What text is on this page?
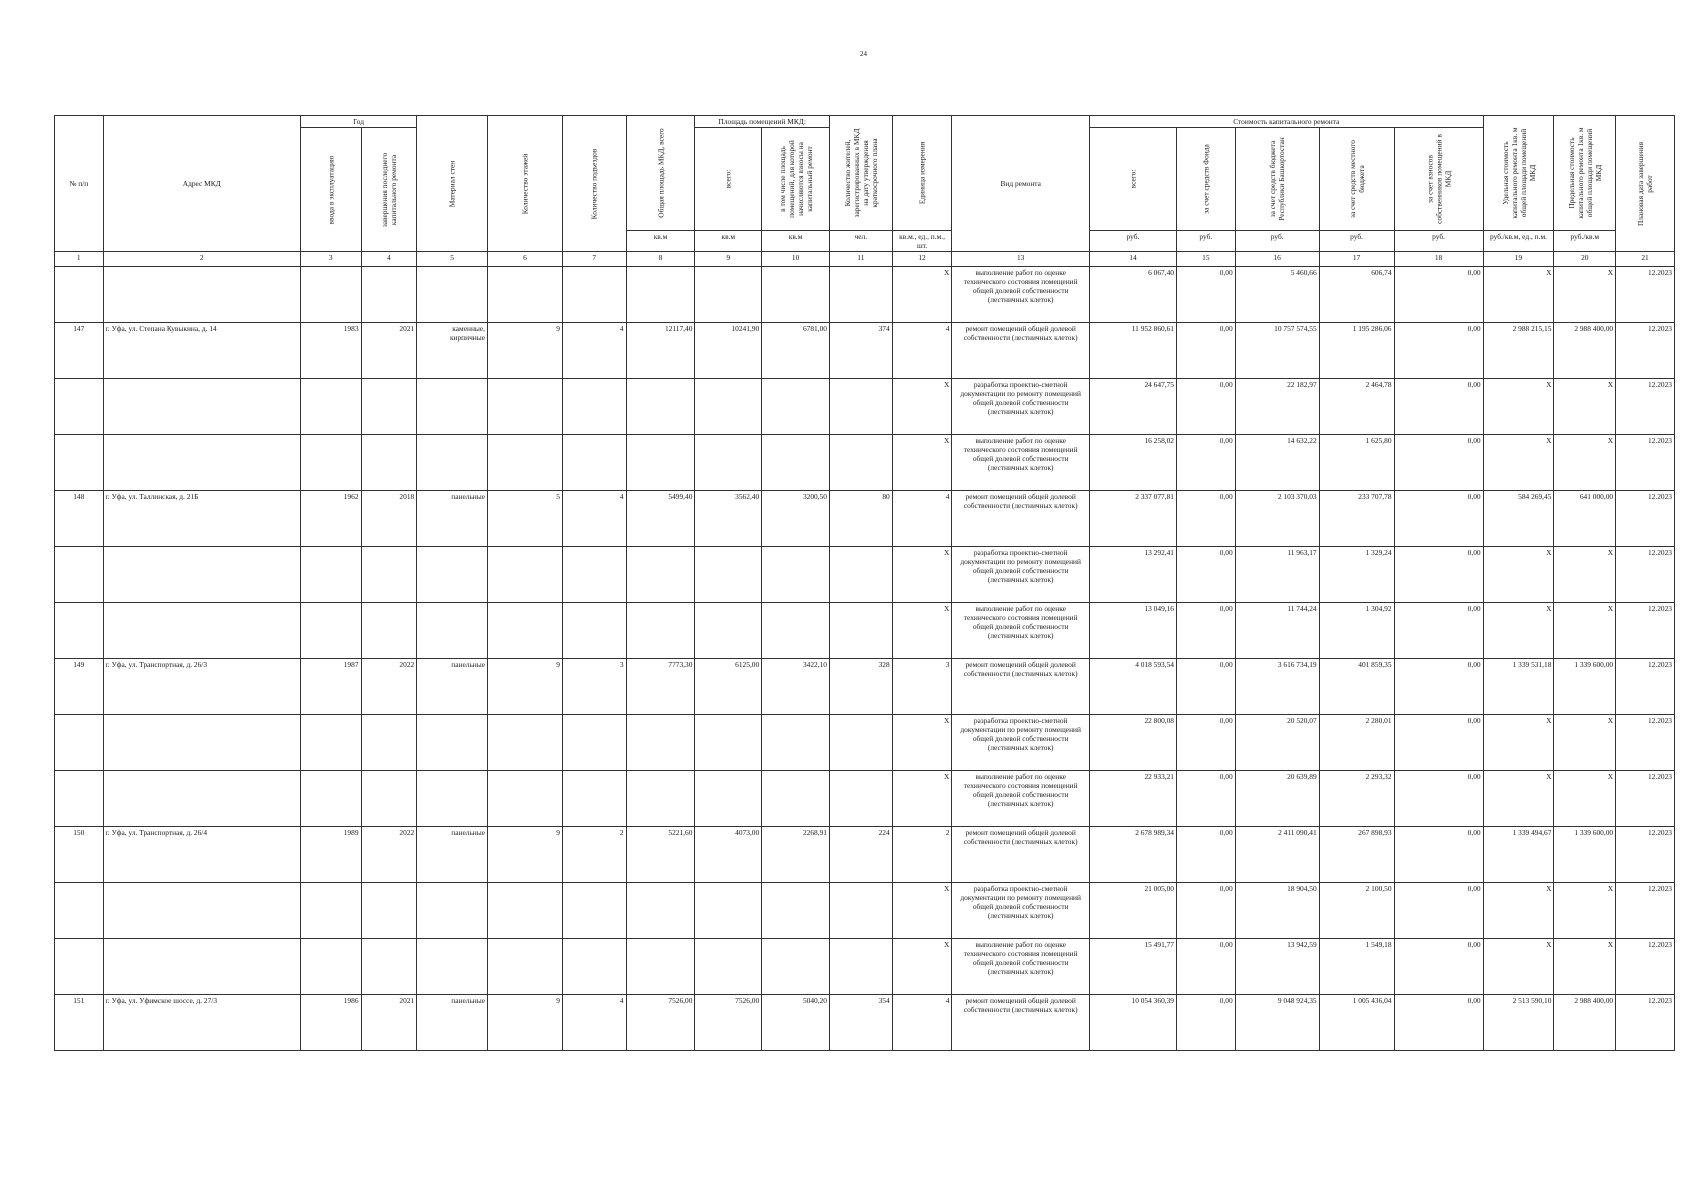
24
№ п/п	Адрес МКД	Год		Материал стен	Количество этажей	Количество подъездов	Общая площадь МКД, всего	Площадь помещений МКД:		Количество жителей, зарегистрированных в МКД на дату утверждения краткосрочного плана	Единица измерения	Вид ремонта	Стоимость капитального ремонта					Удельная стоимость капитального ремонта 1кв. м общей площади помещений МКД	Предельная стоимость капитального ремонта 1кв. м общей площади помещений МКД	Плановая дата завершения работ

		ввода в эксплуатацию	завершения последнего капитального ремонта					всего:	в том числе площадь помещений, для которой начисляются взносы на капитальный ремонт				всего:	за счет средств Фонда	за счет средств бюджета Республики Башкортостан	за счет средств местного бюджета	за счет взносов собственников помещений в МКД			

							кв.м	кв.м	кв.м	чел.	кв.м., ед., п.м., шт.		руб.	руб.	руб.	руб.	руб.	руб./кв.м, ед., п.м.	руб./кв.м	
1	2	3	4	5	6	7	8	9	10	11	12	13	14	15	16	17	18	19	20	21
											Х	выполнение работ по оценке технического состояния помещений общей долевой собственности (лестничных клеток)	6 067,40	0,00	5 460,66	606,74	0,00	Х	Х	12.2023
147	г. Уфа, ул. Степана Кувыкина, д. 14	1983	2021	каменные, кирпичные	9	4	12117,40	10241,90	6781,00	374	4	ремонт помещений общей долевой собственности (лестничных клеток)	11 952 860,61	0,00	10 757 574,55	1 195 286,06	0,00	2 988 215,15	2 988 400,00	12.2023
											Х	разработка проектно-сметной документации по ремонту помещений общей долевой собственности (лестничных клеток)	24 647,75	0,00	22 182,97	2 464,78	0,00	Х	Х	12.2023
											Х	выполнение работ по оценке технического состояния помещений общей долевой собственности (лестничных клеток)	16 258,02	0,00	14 632,22	1 625,80	0,00	Х	Х	12.2023
148	г. Уфа, ул. Таллинская, д. 21Б	1962	2018	панельные	5	4	5499,40	3562,40	3200,50	80	4	ремонт помещений общей долевой собственности (лестничных клеток)	2 337 077,81	0,00	2 103 370,03	233 707,78	0,00	584 269,45	641 000,00	12.2023
											Х	разработка проектно-сметной документации по ремонту помещений общей долевой собственности (лестничных клеток)	13 292,41	0,00	11 963,17	1 329,24	0,00	Х	Х	12.2023
											Х	выполнение работ по оценке технического состояния помещений общей долевой собственности (лестничных клеток)	13 049,16	0,00	11 744,24	1 304,92	0,00	Х	Х	12.2023
149	г. Уфа, ул. Транспортная, д. 26/3	1987	2022	панельные	9	3	7773,30	6125,00	3422,10	328	3	ремонт помещений общей долевой собственности (лестничных клеток)	4 018 593,54	0,00	3 616 734,19	401 859,35	0,00	1 339 531,18	1 339 600,00	12.2023
											Х	разработка проектно-сметной документации по ремонту помещений общей долевой собственности (лестничных клеток)	22 800,08	0,00	20 520,07	2 280,01	0,00	Х	Х	12.2023
											Х	выполнение работ по оценке технического состояния помещений общей долевой собственности (лестничных клеток)	22 933,21	0,00	20 639,89	2 293,32	0,00	Х	Х	12.2023
150	г. Уфа, ул. Транспортная, д. 26/4	1989	2022	панельные	9	2	5221,60	4073,00	2268,91	224	2	ремонт помещений общей долевой собственности (лестничных клеток)	2 678 989,34	0,00	2 411 090,41	267 898,93	0,00	1 339 494,67	1 339 600,00	12.2023
											Х	разработка проектно-сметной документации по ремонту помещений общей долевой собственности (лестничных клеток)	21 005,00	0,00	18 904,50	2 100,50	0,00	Х	Х	12.2023
											Х	выполнение работ по оценке технического состояния помещений общей долевой собственности (лестничных клеток)	15 491,77	0,00	13 942,59	1 549,18	0,00	Х	Х	12.2023
151	г. Уфа, ул. Уфимское шоссе, д. 27/3	1986	2021	панельные	9	4	7526,00	7526,00	5040,20	354	4	ремонт помещений общей долевой собственности (лестничных клеток)	10 054 360,39	0,00	9 048 924,35	1 005 436,04	0,00	2 513 590,10	2 988 400,00	12.2023
